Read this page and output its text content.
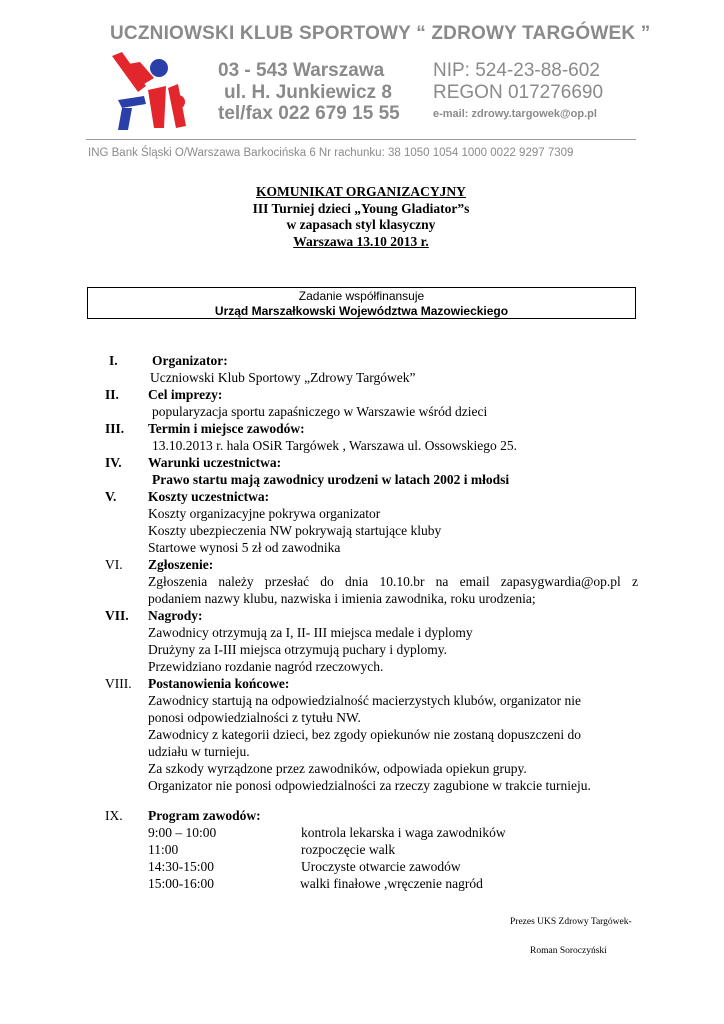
UCZNIOWSKI KLUB SPORTOWY “ ZDROWY TARGÓWEK ”
03 - 543 Warszawa
ul. H. Junkiewicz 8
tel/fax 022 679 15 55
NIP: 524-23-88-602
REGON 017276690
e-mail: zdrowy.targowek@op.pl
ING Bank Śląski O/Warszawa Barkocińska 6 Nr rachunku: 38 1050 1054 1000 0022 9297 7309
KOMUNIKAT ORGANIZACYJNY
III Turniej dzieci „Young Gladiator”s
w zapasach styl klasyczny
Warszawa 13.10 2013 r.
Zadanie współfinansuje
Urząd Marszałkowski Województwa Mazowieckiego
I.	Organizator:
Uczniowski Klub Sportowy „Zdrowy Targówek”
II. Cel imprezy:
popularyzacja sportu zapaśniczego w Warszawie wśród dzieci
III. Termin i miejsce zawodów:
13.10.2013 r. hala OSiR Targówek , Warszawa ul. Ossowskiego 25.
IV. Warunki uczestnictwa:
Prawo startu mają zawodnicy urodzeni w latach 2002 i młodsi
V. Koszty uczestnictwa:
Koszty organizacyjne pokrywa organizator
Koszty ubezpieczenia NW pokrywają startujące kluby
Startowe wynosi 5 zł od zawodnika
VI. Zgłoszenie:
Zgłoszenia należy przesłać do dnia 10.10.br na email zapasygwardia@op.pl z
podaniem nazwy klubu, nazwiska i imienia zawodnika, roku urodzenia;
VII. Nagrody:
Zawodnicy otrzymują za I, II- III miejsca medale i dyplomy
Drużyny za I-III miejsca otrzymują puchary i dyplomy.
Przewidziano rozdanie nagród rzeczowych.
VIII. Postanowienia końcowe:
Zawodnicy startują na odpowiedzialność macierzystych klubów, organizator nie
ponosi odpowiedzialności z tytułu NW.
Zawodnicy z kategorii dzieci, bez zgody opiekunów nie zostaną dopuszczeni do
udziału w turnieju.
Za szkody wyrządzone przez zawodników, odpowiada opiekun grupy.
Organizator nie ponosi odpowiedzialności za rzeczy zagubione w trakcie turnieju.
IX. Program zawodów:
9:00 – 10:00	kontrola lekarska i waga zawodników
11:00	rozpoczęcie walk
14:30-15:00	Uroczyste otwarcie zawodów
15:00-16:00	walki finałowe ,wręczenie nagród
Prezes UKS Zdrowy Targówek-
Roman Soroczyński
